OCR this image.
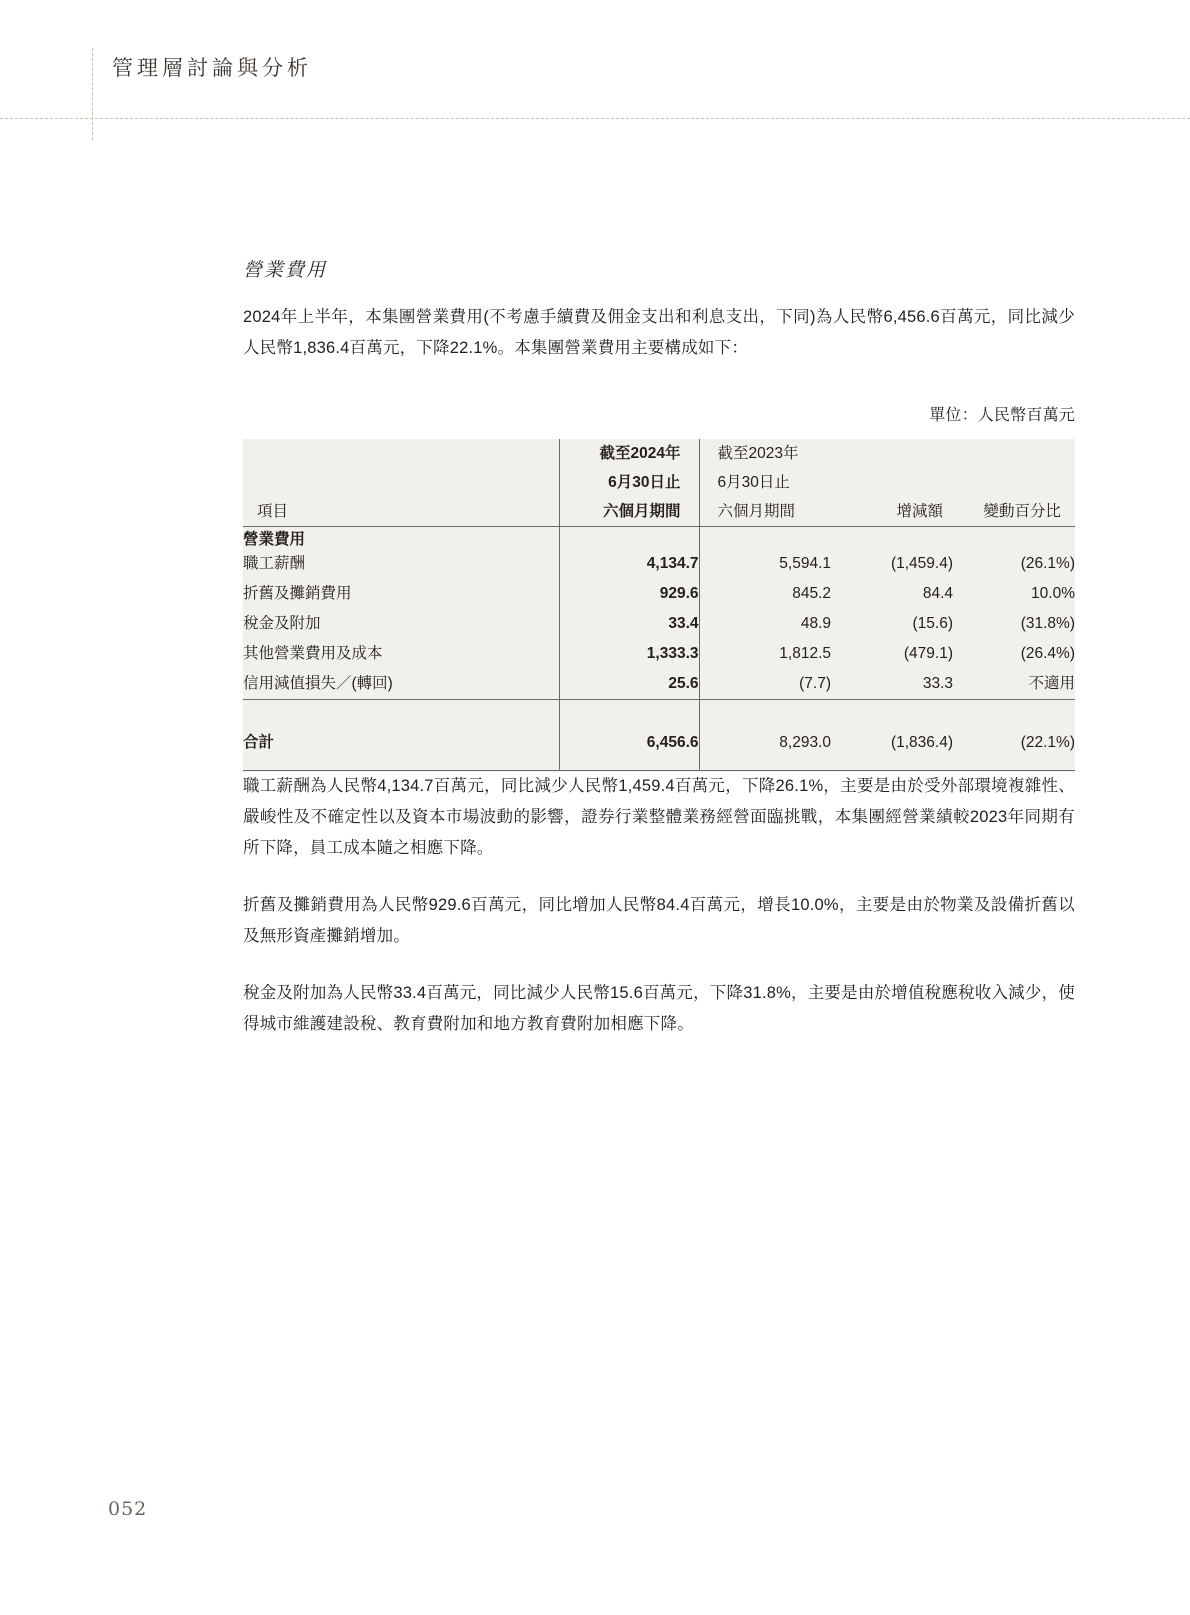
管理層討論與分析
營業費用

2024年上半年，本集團營業費用(不考慮手續費及佣金支出和利息支出，下同)為人民幣6,456.6百萬元，同比減少人民幣1,836.4百萬元，下降22.1%。本集團營業費用主要構成如下：

單位：人民幣百萬元
項目	截至2024年
6月30日止
六個月期間	截至2023年
6月30日止
六個月期間	增減額	變動百分比

營業費用				
職工薪酬	4,134.7	5,594.1	(1,459.4)	(26.1%)
折舊及攤銷費用	929.6	845.2	84.4	10.0%
稅金及附加	33.4	48.9	(15.6)	(31.8%)
其他營業費用及成本	1,333.3	1,812.5	(479.1)	(26.4%)
信用減值損失／(轉回)	25.6	(7.7)	33.3	不適用

合計	6,456.6	8,293.0	(1,836.4)	(22.1%)

職工薪酬為人民幣4,134.7百萬元，同比減少人民幣1,459.4百萬元，下降26.1%，主要是由於受外部環境複雜性、嚴峻性及不確定性以及資本市場波動的影響，證券行業整體業務經營面臨挑戰，本集團經營業績較2023年同期有所下降，員工成本隨之相應下降。

折舊及攤銷費用為人民幣929.6百萬元，同比增加人民幣84.4百萬元，增長10.0%，主要是由於物業及設備折舊以及無形資產攤銷增加。

稅金及附加為人民幣33.4百萬元，同比減少人民幣15.6百萬元，下降31.8%，主要是由於增值稅應稅收入減少，使得城市維護建設稅、教育費附加和地方教育費附加相應下降。

052
